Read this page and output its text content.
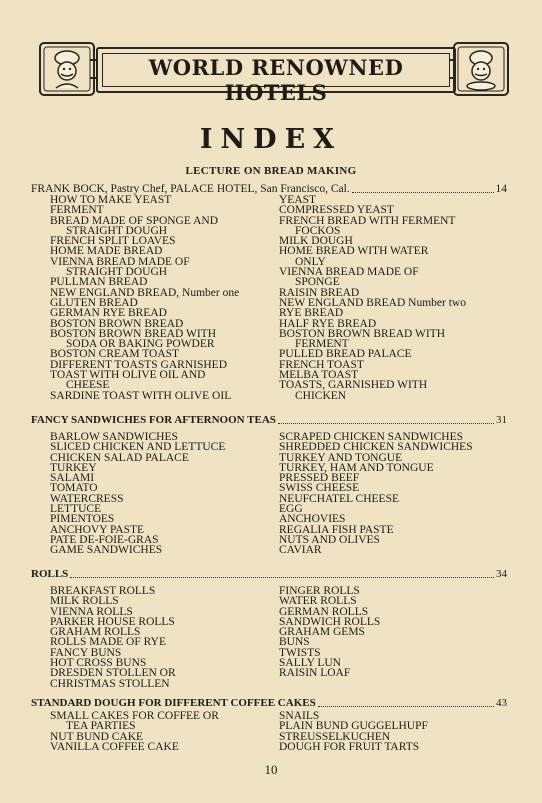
WORLD RENOWNED HOTELS
INDEX
LECTURE ON BREAD MAKING
FRANK BOCK, Pastry Chef, PALACE HOTEL, San Francisco, Cal.	14
HOW TO MAKE YEAST
FERMENT
BREAD MADE OF SPONGE AND
STRAIGHT DOUGH
FRENCH SPLIT LOAVES
HOME MADE BREAD
VIENNA BREAD MADE OF
STRAIGHT DOUGH
PULLMAN BREAD
NEW ENGLAND BREAD, Number one
GLUTEN BREAD
GERMAN RYE BREAD
BOSTON BROWN BREAD
BOSTON BROWN BREAD WITH
SODA OR BAKING POWDER
BOSTON CREAM TOAST
DIFFERENT TOASTS GARNISHED
TOAST WITH OLIVE OIL AND
CHEESE
SARDINE TOAST WITH OLIVE OIL
YEAST
COMPRESSED YEAST
FRENCH BREAD WITH FERMENT
FOCKOS
MILK DOUGH
HOME BREAD WITH WATER
ONLY
VIENNA BREAD MADE OF
SPONGE
RAISIN BREAD
NEW ENGLAND BREAD Number two
RYE BREAD
HALF RYE BREAD
BOSTON BROWN BREAD WITH
FERMENT
PULLED BREAD PALACE
FRENCH TOAST
MELBA TOAST
TOASTS, GARNISHED WITH
CHICKEN
FANCY SANDWICHES FOR AFTERNOON TEAS	31
BARLOW SANDWICHES
SLICED CHICKEN AND LETTUCE
CHICKEN SALAD PALACE
TURKEY
SALAMI
TOMATO
WATERCRESS
LETTUCE
PIMENTOES
ANCHOVY PASTE
PATE DE-FOIE-GRAS
GAME SANDWICHES
SCRAPED CHICKEN SANDWICHES
SHREDDED CHICKEN SANDWICHES
TURKEY AND TONGUE
TURKEY, HAM AND TONGUE
PRESSED BEEF
SWISS CHEESE
NEUFCHATEL CHEESE
EGG
ANCHOVIES
REGALIA FISH PASTE
NUTS AND OLIVES
CAVIAR
ROLLS	34
BREAKFAST ROLLS
MILK ROLLS
VIENNA ROLLS
PARKER HOUSE ROLLS
GRAHAM ROLLS
ROLLS MADE OF RYE
FANCY BUNS
HOT CROSS BUNS
DRESDEN STOLLEN OR
CHRISTMAS STOLLEN
FINGER ROLLS
WATER ROLLS
GERMAN ROLLS
SANDWICH ROLLS
GRAHAM GEMS
BUNS
TWISTS
SALLY LUN
RAISIN LOAF
STANDARD DOUGH FOR DIFFERENT COFFEE CAKES	43
SMALL CAKES FOR COFFEE OR
TEA PARTIES
NUT BUND CAKE
VANILLA COFFEE CAKE
SNAILS
PLAIN BUND GUGGELHUPF
STREUSSELKUCHEN
DOUGH FOR FRUIT TARTS
10
